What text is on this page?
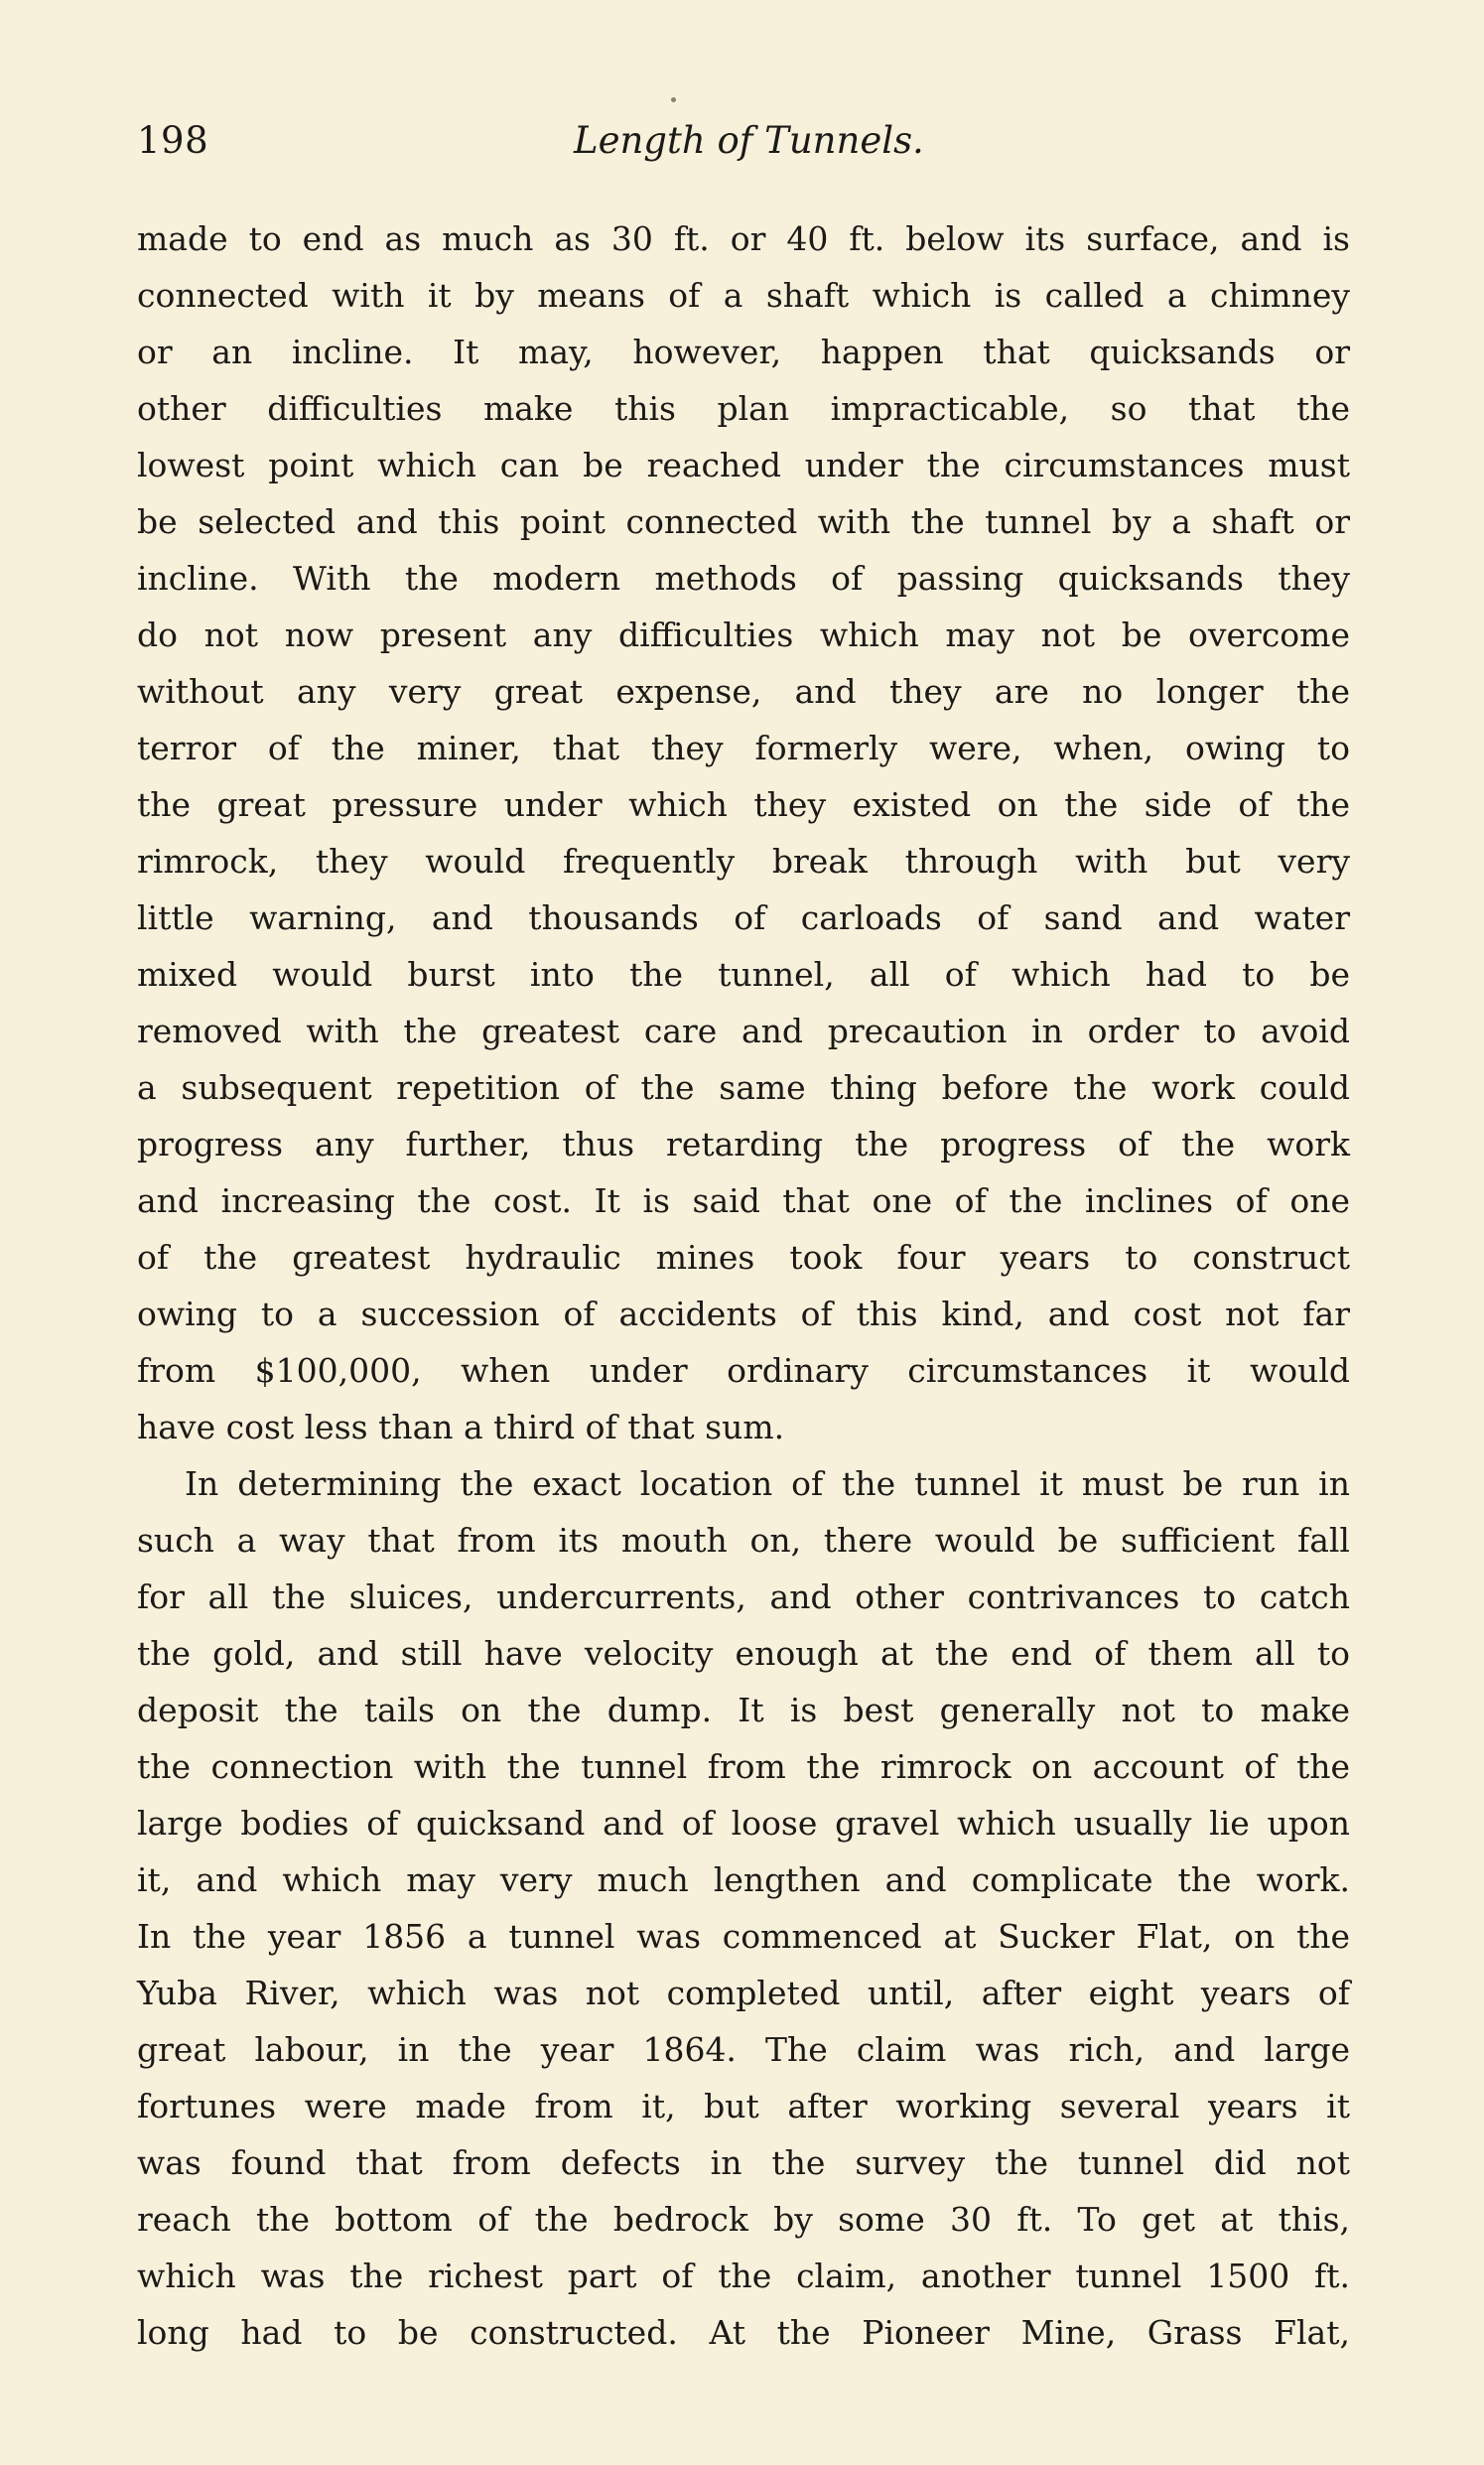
198	Length of Tunnels.
made to end as much as 30 ft. or 40 ft. below its surface, and is
connected with it by means of a shaft which is called a chimney
or an incline. It may, however, happen that quicksands or
other difficulties make this plan impracticable, so that the
lowest point which can be reached under the circumstances must
be selected and this point connected with the tunnel by a shaft or
incline. With the modern methods of passing quicksands they
do not now present any difficulties which may not be overcome
without any very great expense, and they are no longer the
terror of the miner, that they formerly were, when, owing to
the great pressure under which they existed on the side of the
rimrock, they would frequently break through with but very
little warning, and thousands of carloads of sand and water
mixed would burst into the tunnel, all of which had to be
removed with the greatest care and precaution in order to avoid
a subsequent repetition of the same thing before the work could
progress any further, thus retarding the progress of the work
and increasing the cost. It is said that one of the inclines of one
of the greatest hydraulic mines took four years to construct
owing to a succession of accidents of this kind, and cost not far
from $100,000, when under ordinary circumstances it would
have cost less than a third of that sum.
In determining the exact location of the tunnel it must be run in
such a way that from its mouth on, there would be sufficient fall
for all the sluices, undercurrents, and other contrivances to catch
the gold, and still have velocity enough at the end of them all to
deposit the tails on the dump. It is best generally not to make
the connection with the tunnel from the rimrock on account of the
large bodies of quicksand and of loose gravel which usually lie upon
it, and which may very much lengthen and complicate the work.
In the year 1856 a tunnel was commenced at Sucker Flat, on the
Yuba River, which was not completed until, after eight years of
great labour, in the year 1864. The claim was rich, and large
fortunes were made from it, but after working several years it
was found that from defects in the survey the tunnel did not
reach the bottom of the bedrock by some 30 ft. To get at this,
which was the richest part of the claim, another tunnel 1500 ft.
long had to be constructed. At the Pioneer Mine, Grass Flat,
